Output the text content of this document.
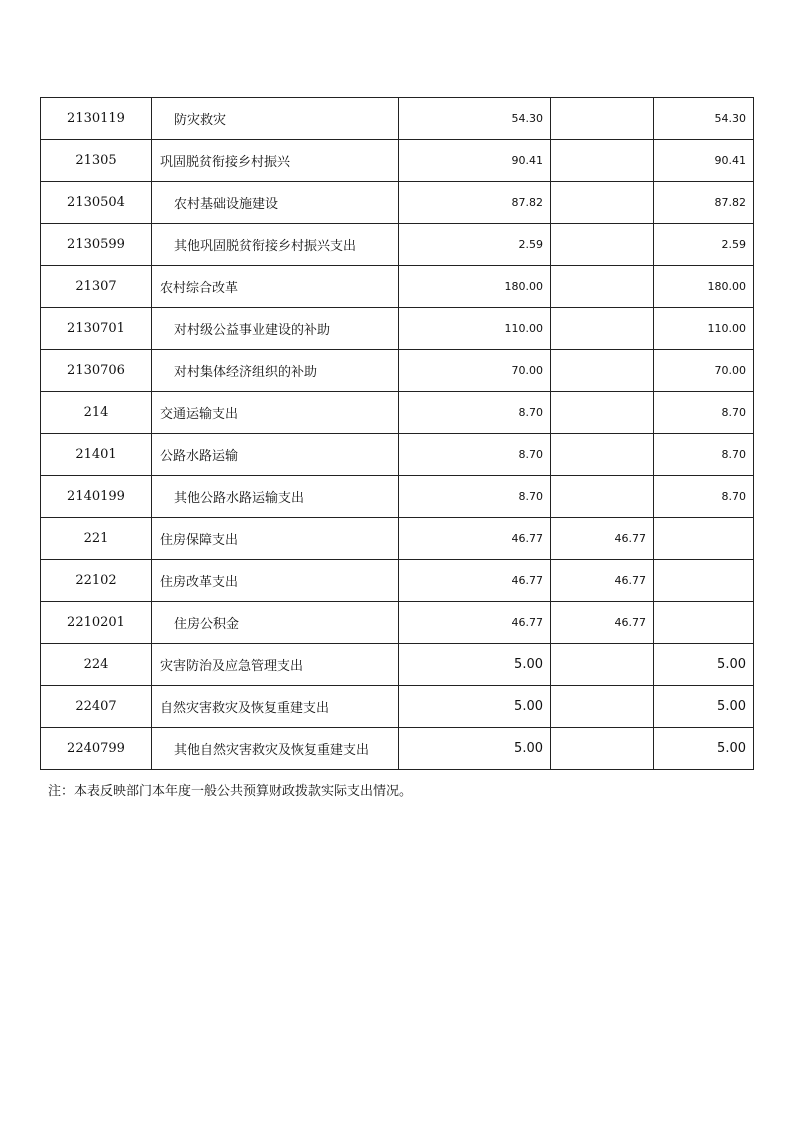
2130119	防灾救灾	54.30		54.30
21305	巩固脱贫衔接乡村振兴	90.41		90.41
2130504	农村基础设施建设	87.82		87.82
2130599	其他巩固脱贫衔接乡村振兴支出	2.59		2.59
21307	农村综合改革	180.00		180.00
2130701	对村级公益事业建设的补助	110.00		110.00
2130706	对村集体经济组织的补助	70.00		70.00
214	交通运输支出	8.70		8.70
21401	公路水路运输	8.70		8.70
2140199	其他公路水路运输支出	8.70		8.70
221	住房保障支出	46.77	46.77	
22102	住房改革支出	46.77	46.77	
2210201	住房公积金	46.77	46.77	
224	灾害防治及应急管理支出	5.00		5.00
22407	自然灾害救灾及恢复重建支出	5.00		5.00
2240799	其他自然灾害救灾及恢复重建支出	5.00		5.00
注：本表反映部门本年度一般公共预算财政拨款实际支出情况。
